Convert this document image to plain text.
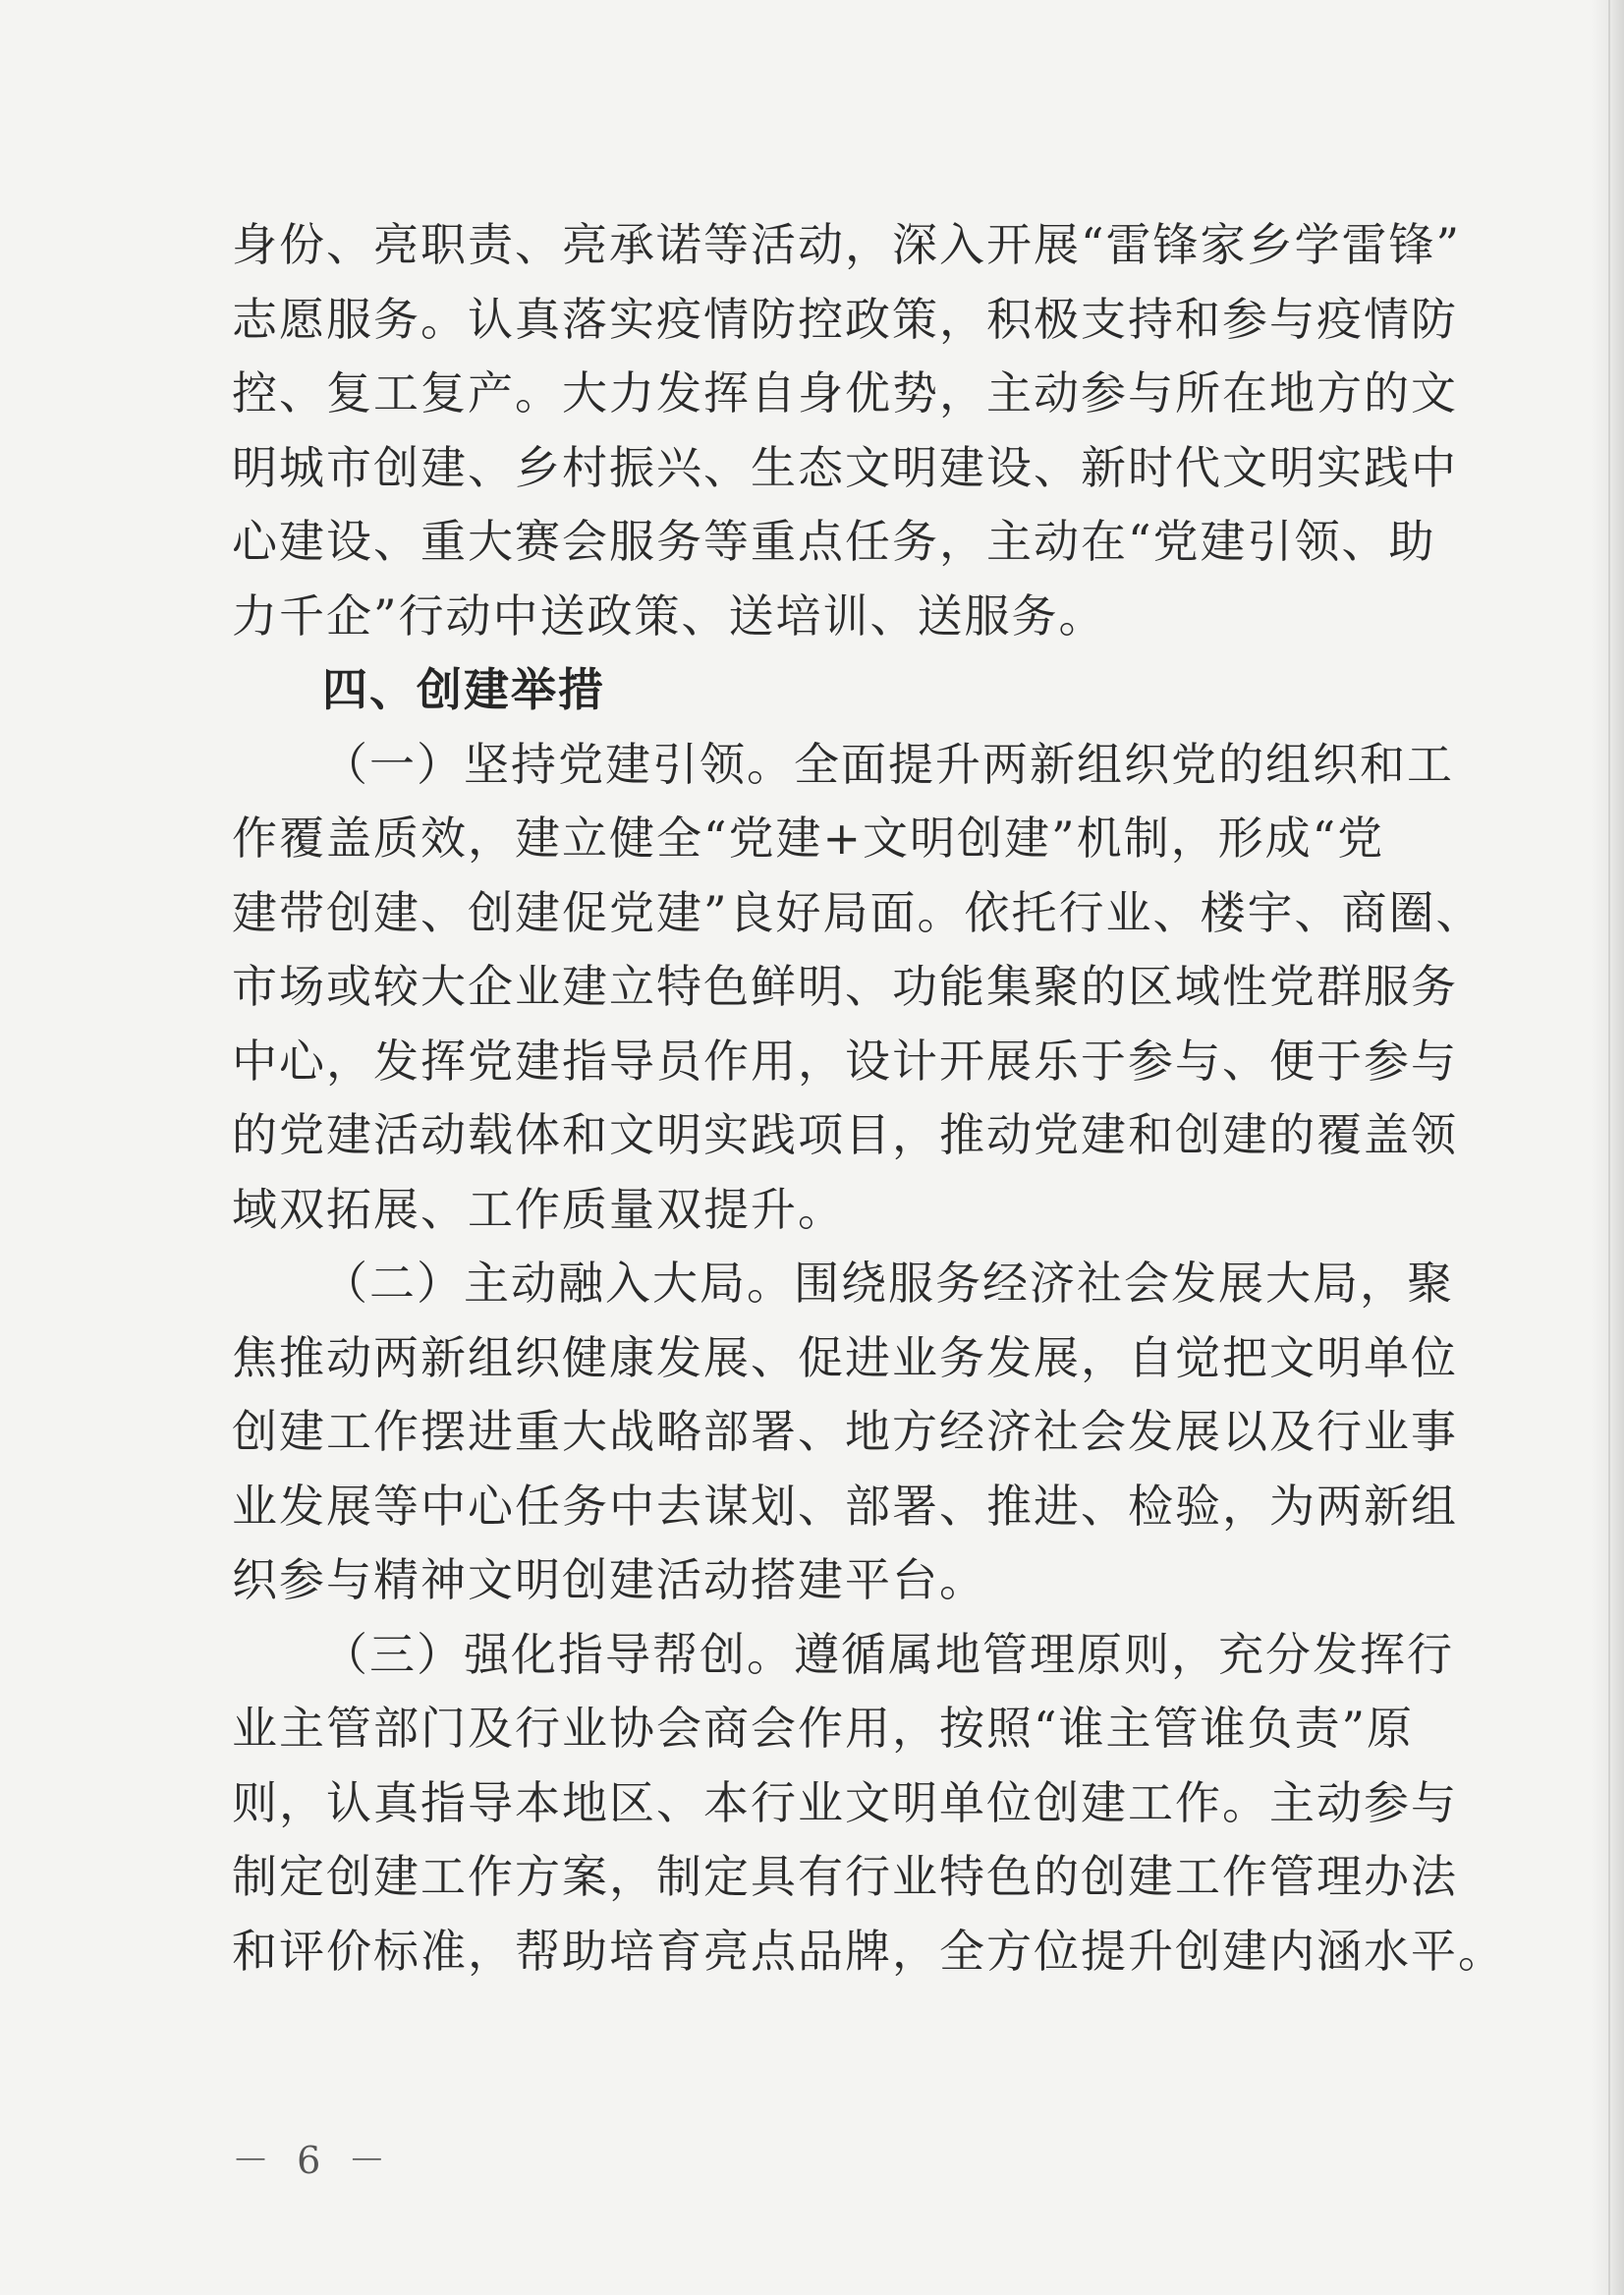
身份、亮职责、亮承诺等活动，深入开展“雷锋家乡学雷锋”
志愿服务。认真落实疫情防控政策，积极支持和参与疫情防
控、复工复产。大力发挥自身优势，主动参与所在地方的文
明城市创建、乡村振兴、生态文明建设、新时代文明实践中
心建设、重大赛会服务等重点任务，主动在“党建引领、助
力千企”行动中送政策、送培训、送服务。
四、创建举措
（一）坚持党建引领。全面提升两新组织党的组织和工
作覆盖质效，建立健全“党建+文明创建”机制，形成“党
建带创建、创建促党建”良好局面。依托行业、楼宇、商圈、
市场或较大企业建立特色鲜明、功能集聚的区域性党群服务
中心，发挥党建指导员作用，设计开展乐于参与、便于参与
的党建活动载体和文明实践项目，推动党建和创建的覆盖领
域双拓展、工作质量双提升。
（二）主动融入大局。围绕服务经济社会发展大局，聚
焦推动两新组织健康发展、促进业务发展，自觉把文明单位
创建工作摆进重大战略部署、地方经济社会发展以及行业事
业发展等中心任务中去谋划、部署、推进、检验，为两新组
织参与精神文明创建活动搭建平台。
（三）强化指导帮创。遵循属地管理原则，充分发挥行
业主管部门及行业协会商会作用，按照“谁主管谁负责”原
则，认真指导本地区、本行业文明单位创建工作。主动参与
制定创建工作方案，制定具有行业特色的创建工作管理办法
和评价标准，帮助培育亮点品牌，全方位提升创建内涵水平。
－ 6 －
